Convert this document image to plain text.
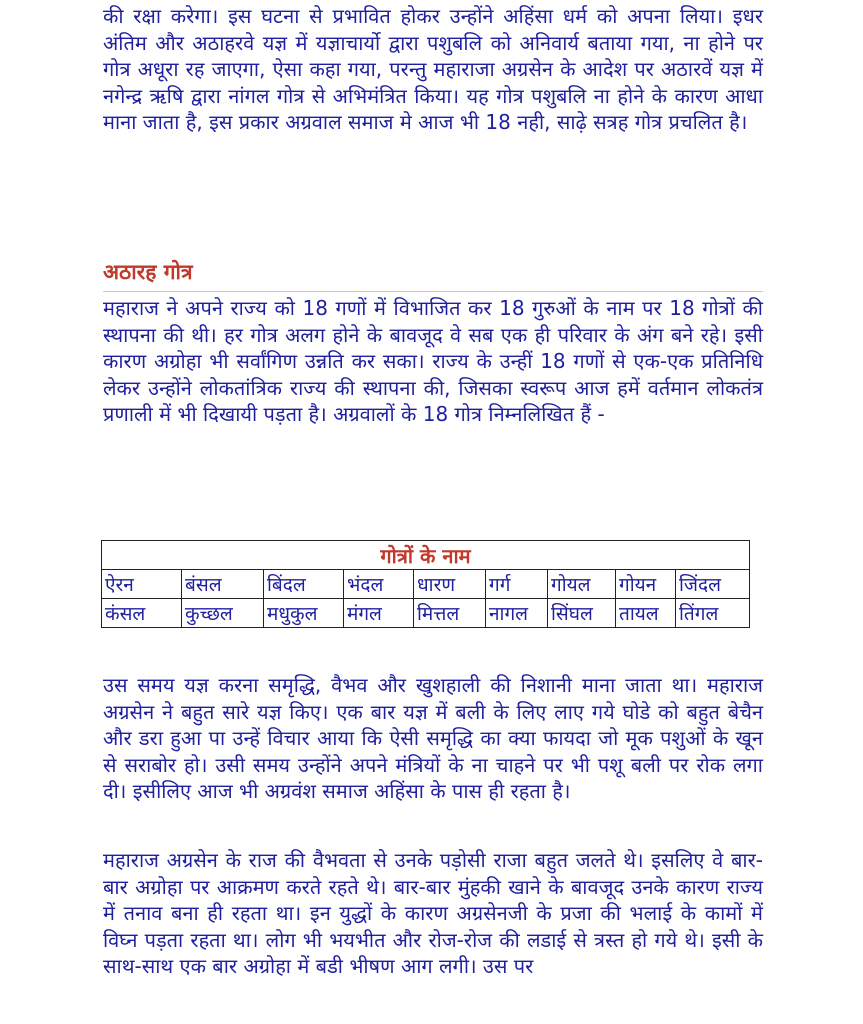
की रक्षा करेगा। इस घटना से प्रभावित होकर उन्होंने अहिंसा धर्म को अपना लिया। इधर अंतिम और अठाहरवे यज्ञ में यज्ञाचार्यो द्वारा पशुबलि को अनिवार्य बताया गया, ना होने पर गोत्र अधूरा रह जाएगा, ऐसा कहा गया, परन्तु महाराजा अग्रसेन के आदेश पर अठारवें यज्ञ में नगेन्द्र ऋषि द्वारा नांगल गोत्र से अभिमंत्रित किया। यह गोत्र पशुबलि ना होने के कारण आधा माना जाता है, इस प्रकार अग्रवाल समाज मे आज भी 18 नही, साढ़े सत्रह गोत्र प्रचलित है।

अठारह गोत्र

महाराज ने अपने राज्य को 18 गणों में विभाजित कर 18 गुरुओं के नाम पर 18 गोत्रों की स्थापना की थी। हर गोत्र अलग होने के बावजूद वे सब एक ही परिवार के अंग बने रहे। इसी कारण अग्रोहा भी सर्वांगिण उन्नति कर सका। राज्य के उन्हीं 18 गणों से एक-एक प्रतिनिधि लेकर उन्होंने लोकतांत्रिक राज्य की स्थापना की, जिसका स्वरूप आज हमें वर्तमान लोकतंत्र प्रणाली में भी दिखायी पड़ता है। अग्रवालों के 18 गोत्र निम्नलिखित हैं -

गोत्रों के नाम								
ऐरन	बंसल	बिंदल	भंदल	धारण	गर्ग	गोयल	गोयन	जिंदल
कंसल	कुच्छल	मधुकुल	मंगल	मित्तल	नागल	सिंघल	तायल	तिंगल

उस समय यज्ञ करना समृद्धि, वैभव और खुशहाली की निशानी माना जाता था। महाराज अग्रसेन ने बहुत सारे यज्ञ किए। एक बार यज्ञ में बली के लिए लाए गये घोडे को बहुत बेचैन और डरा हुआ पा उन्हें विचार आया कि ऐसी समृद्धि का क्या फायदा जो मूक पशुओं के खून से सराबोर हो। उसी समय उन्होंने अपने मंत्रियों के ना चाहने पर भी पशू बली पर रोक लगा दी। इसीलिए आज भी अग्रवंश समाज अहिंसा के पास ही रहता है।

महाराज अग्रसेन के राज की वैभवता से उनके पड़ोसी राजा बहुत जलते थे। इसलिए वे बार-बार अग्रोहा पर आक्रमण करते रहते थे। बार-बार मुंहकी खाने के बावजूद उनके कारण राज्य में तनाव बना ही रहता था। इन युद्धों के कारण अग्रसेनजी के प्रजा की भलाई के कामों में विघ्न पड़ता रहता था। लोग भी भयभीत और रोज-रोज की लडाई से त्रस्त हो गये थे। इसी के साथ-साथ एक बार अग्रोहा में बडी भीषण आग लगी। उस पर
